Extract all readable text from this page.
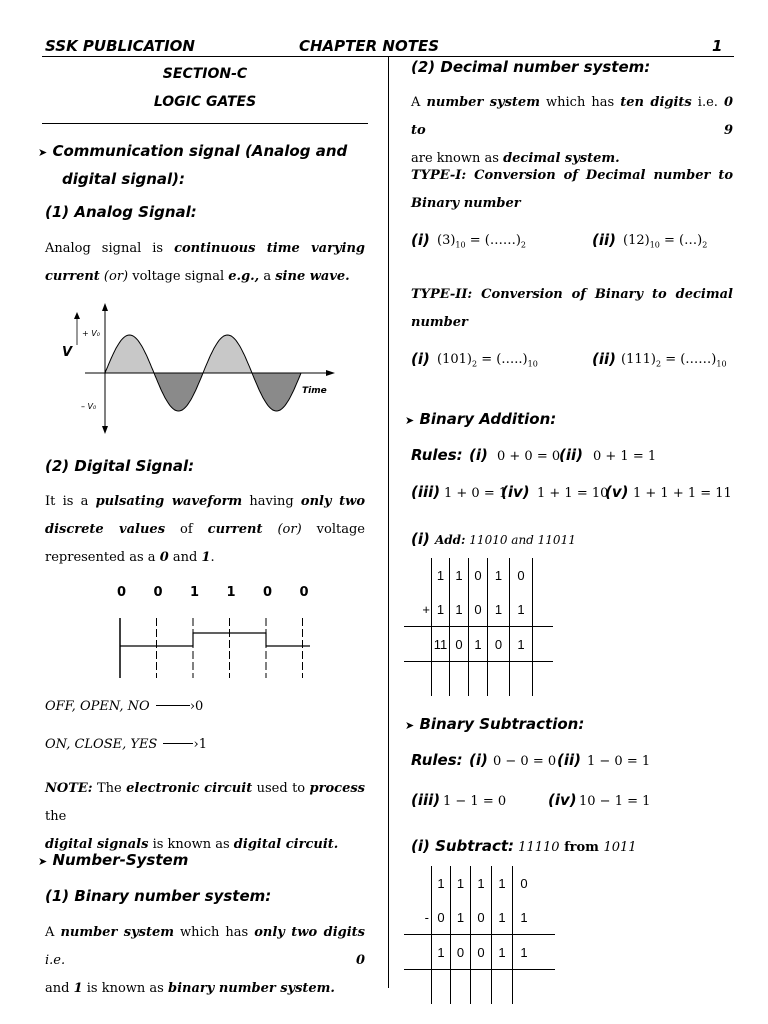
SSK PUBLICATION	CHAPTER NOTES	1
SECTION-C
LOGIC GATES
➤ Communication signal (Analog and
digital signal):
(1) Analog Signal:
Analog signal is continuous time varying
current (or) voltage signal e.g., a sine wave.
V
+ V₀
– V₀
Time
(2) Digital Signal:
It is a pulsating waveform having only two
discrete values of current (or) voltage
represented as a 0 and 1.
0 0 1 1 0 0
OFF, OPEN, NO	›0
ON, CLOSE, YES	›1
NOTE: The electronic circuit used to process the
digital signals is known as digital circuit.
➤ Number-System
(1) Binary number system:
A number system which has only two digits i.e. 0
and 1 is known as binary number system.
(2) Decimal number system:
A number system which has ten digits i.e. 0 to 9
are known as decimal system.
TYPE-I: Conversion of Decimal number to
Binary number
(i) $(3)_{10}$ = $(\dots\dots)_2$	(ii) $(12)_{10}$ = $(\dots)_2$
TYPE-II: Conversion of Binary to decimal
number
(i) $(101)_2$ = $(\dots..)_{10}$	(ii) $(111)_2$ = $(\dots\dots)_{10}$
➤ Binary Addition:
Rules: (i) 0 + 0 = 0
(ii) 0 + 1 = 1
(iii) 1 + 0 = 1
(iv) 1 + 1 = 10
(v) 1 + 1 + 1 = 11
(i) Add: 11010 and 11011
	1	1	0	1	0	
+	1	1	0	1	1	
	11	0	1	0	1	

➤ Binary Subtraction:
Rules: (i) 0 − 0 = 0 (ii) 1 − 0 = 1
(iii) 1 − 1 = 0	(iv) 10 − 1 = 1
(i) Subtract: 11110 from 1011
	1	1	1	1	0	
-	0	1	0	1	1	
	1	0	0	1	1	
